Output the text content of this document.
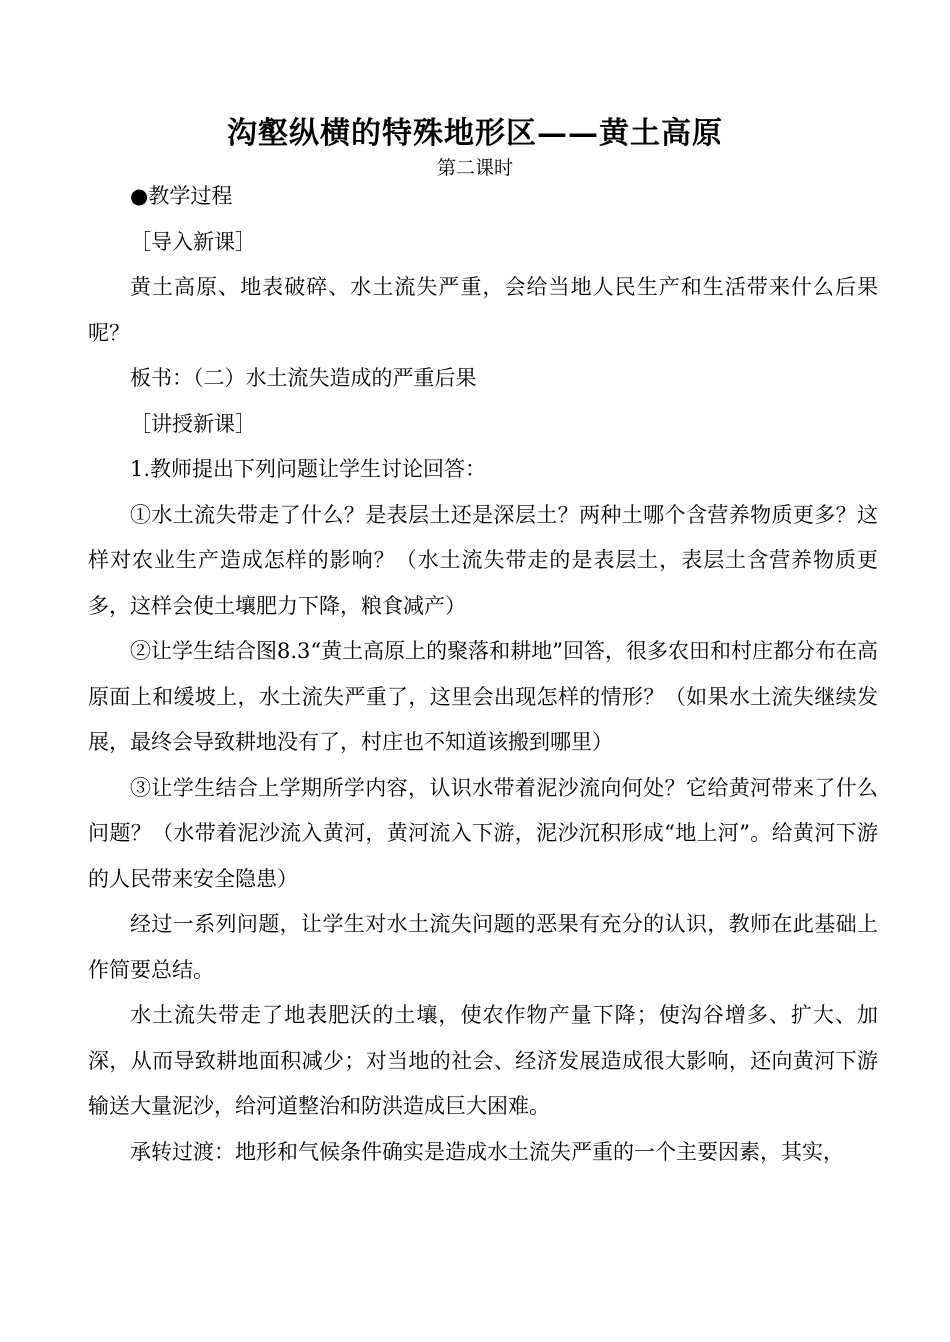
沟壑纵横的特殊地形区——黄土高原
第二课时

●教学过程

［导入新课］

黄土高原、地表破碎、水土流失严重，会给当地人民生产和生活带来什么后果呢？

板书：（二）水土流失造成的严重后果

［讲授新课］

1.教师提出下列问题让学生讨论回答：

①水土流失带走了什么？是表层土还是深层土？两种土哪个含营养物质更多？这样对农业生产造成怎样的影响？（水土流失带走的是表层土，表层土含营养物质更多，这样会使土壤肥力下降，粮食减产）

②让学生结合图8.3“黄土高原上的聚落和耕地”回答，很多农田和村庄都分布在高原面上和缓坡上，水土流失严重了，这里会出现怎样的情形？（如果水土流失继续发展，最终会导致耕地没有了，村庄也不知道该搬到哪里）

③让学生结合上学期所学内容，认识水带着泥沙流向何处？它给黄河带来了什么问题？（水带着泥沙流入黄河，黄河流入下游，泥沙沉积形成“地上河”。给黄河下游的人民带来安全隐患）

经过一系列问题，让学生对水土流失问题的恶果有充分的认识，教师在此基础上作简要总结。

水土流失带走了地表肥沃的土壤，使农作物产量下降；使沟谷增多、扩大、加深，从而导致耕地面积减少；对当地的社会、经济发展造成很大影响，还向黄河下游输送大量泥沙，给河道整治和防洪造成巨大困难。

承转过渡：地形和气候条件确实是造成水土流失严重的一个主要因素，其实，
